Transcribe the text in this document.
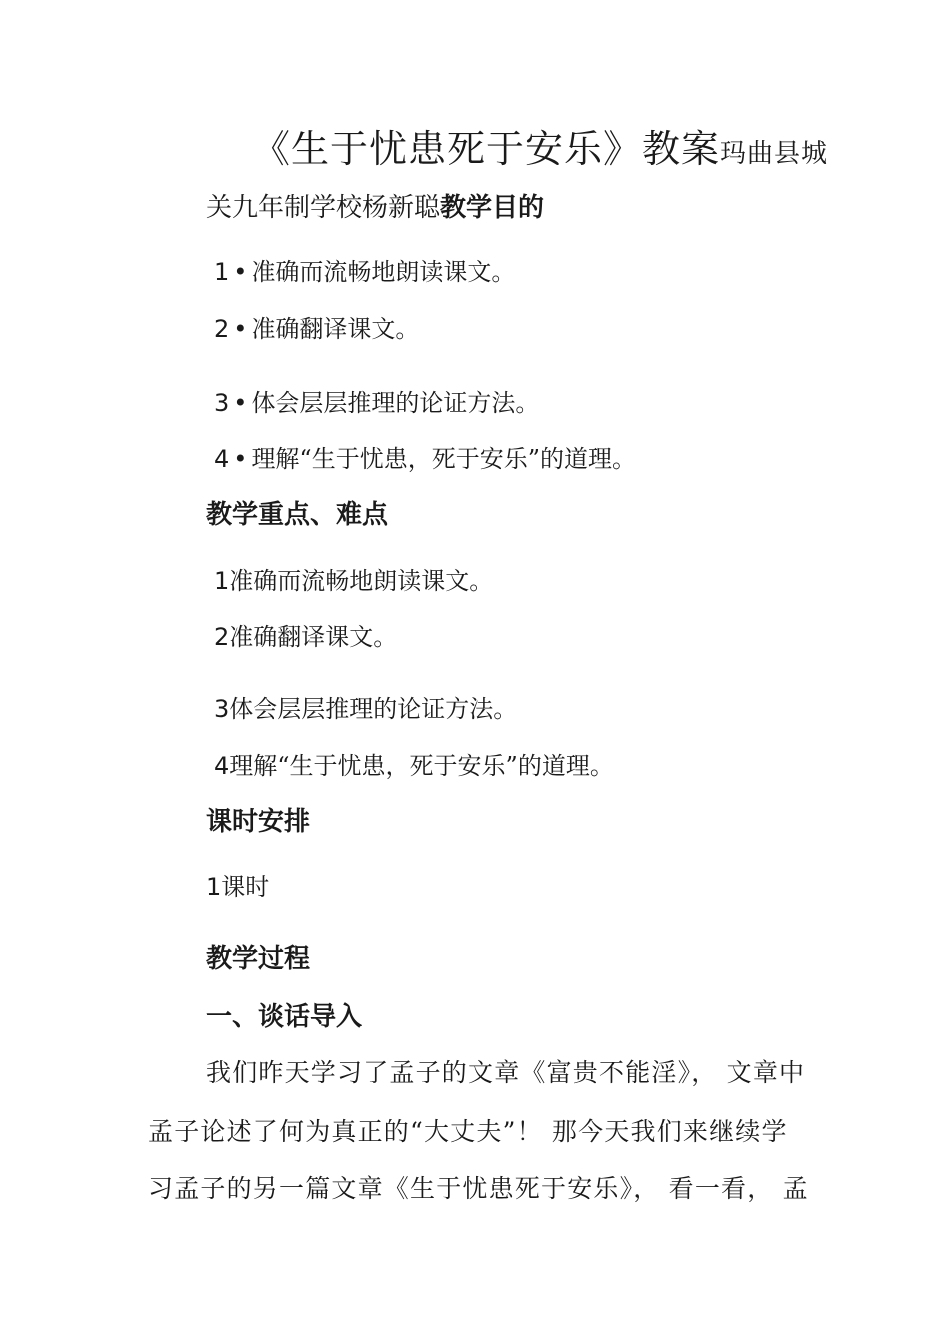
《生于忧患死于安乐》教案玛曲县城
关九年制学校杨新聪教学目的
1 • 准确而流畅地朗读课文。
2 • 准确翻译课文。
3 • 体会层层推理的论证方法。
4 • 理解“生于忧患，死于安乐”的道理。
教学重点、难点
1准确而流畅地朗读课文。
2准确翻译课文。
3体会层层推理的论证方法。
4理解“生于忧患，死于安乐”的道理。
课时安排
1课时
教学过程
一、谈话导入
我们昨天学习了孟子的文章《富贵不能淫》， 文章中
孟子论述了何为真正的“大丈夫”！ 那今天我们来继续学
习孟子的另一篇文章《生于忧患死于安乐》， 看一看， 孟
